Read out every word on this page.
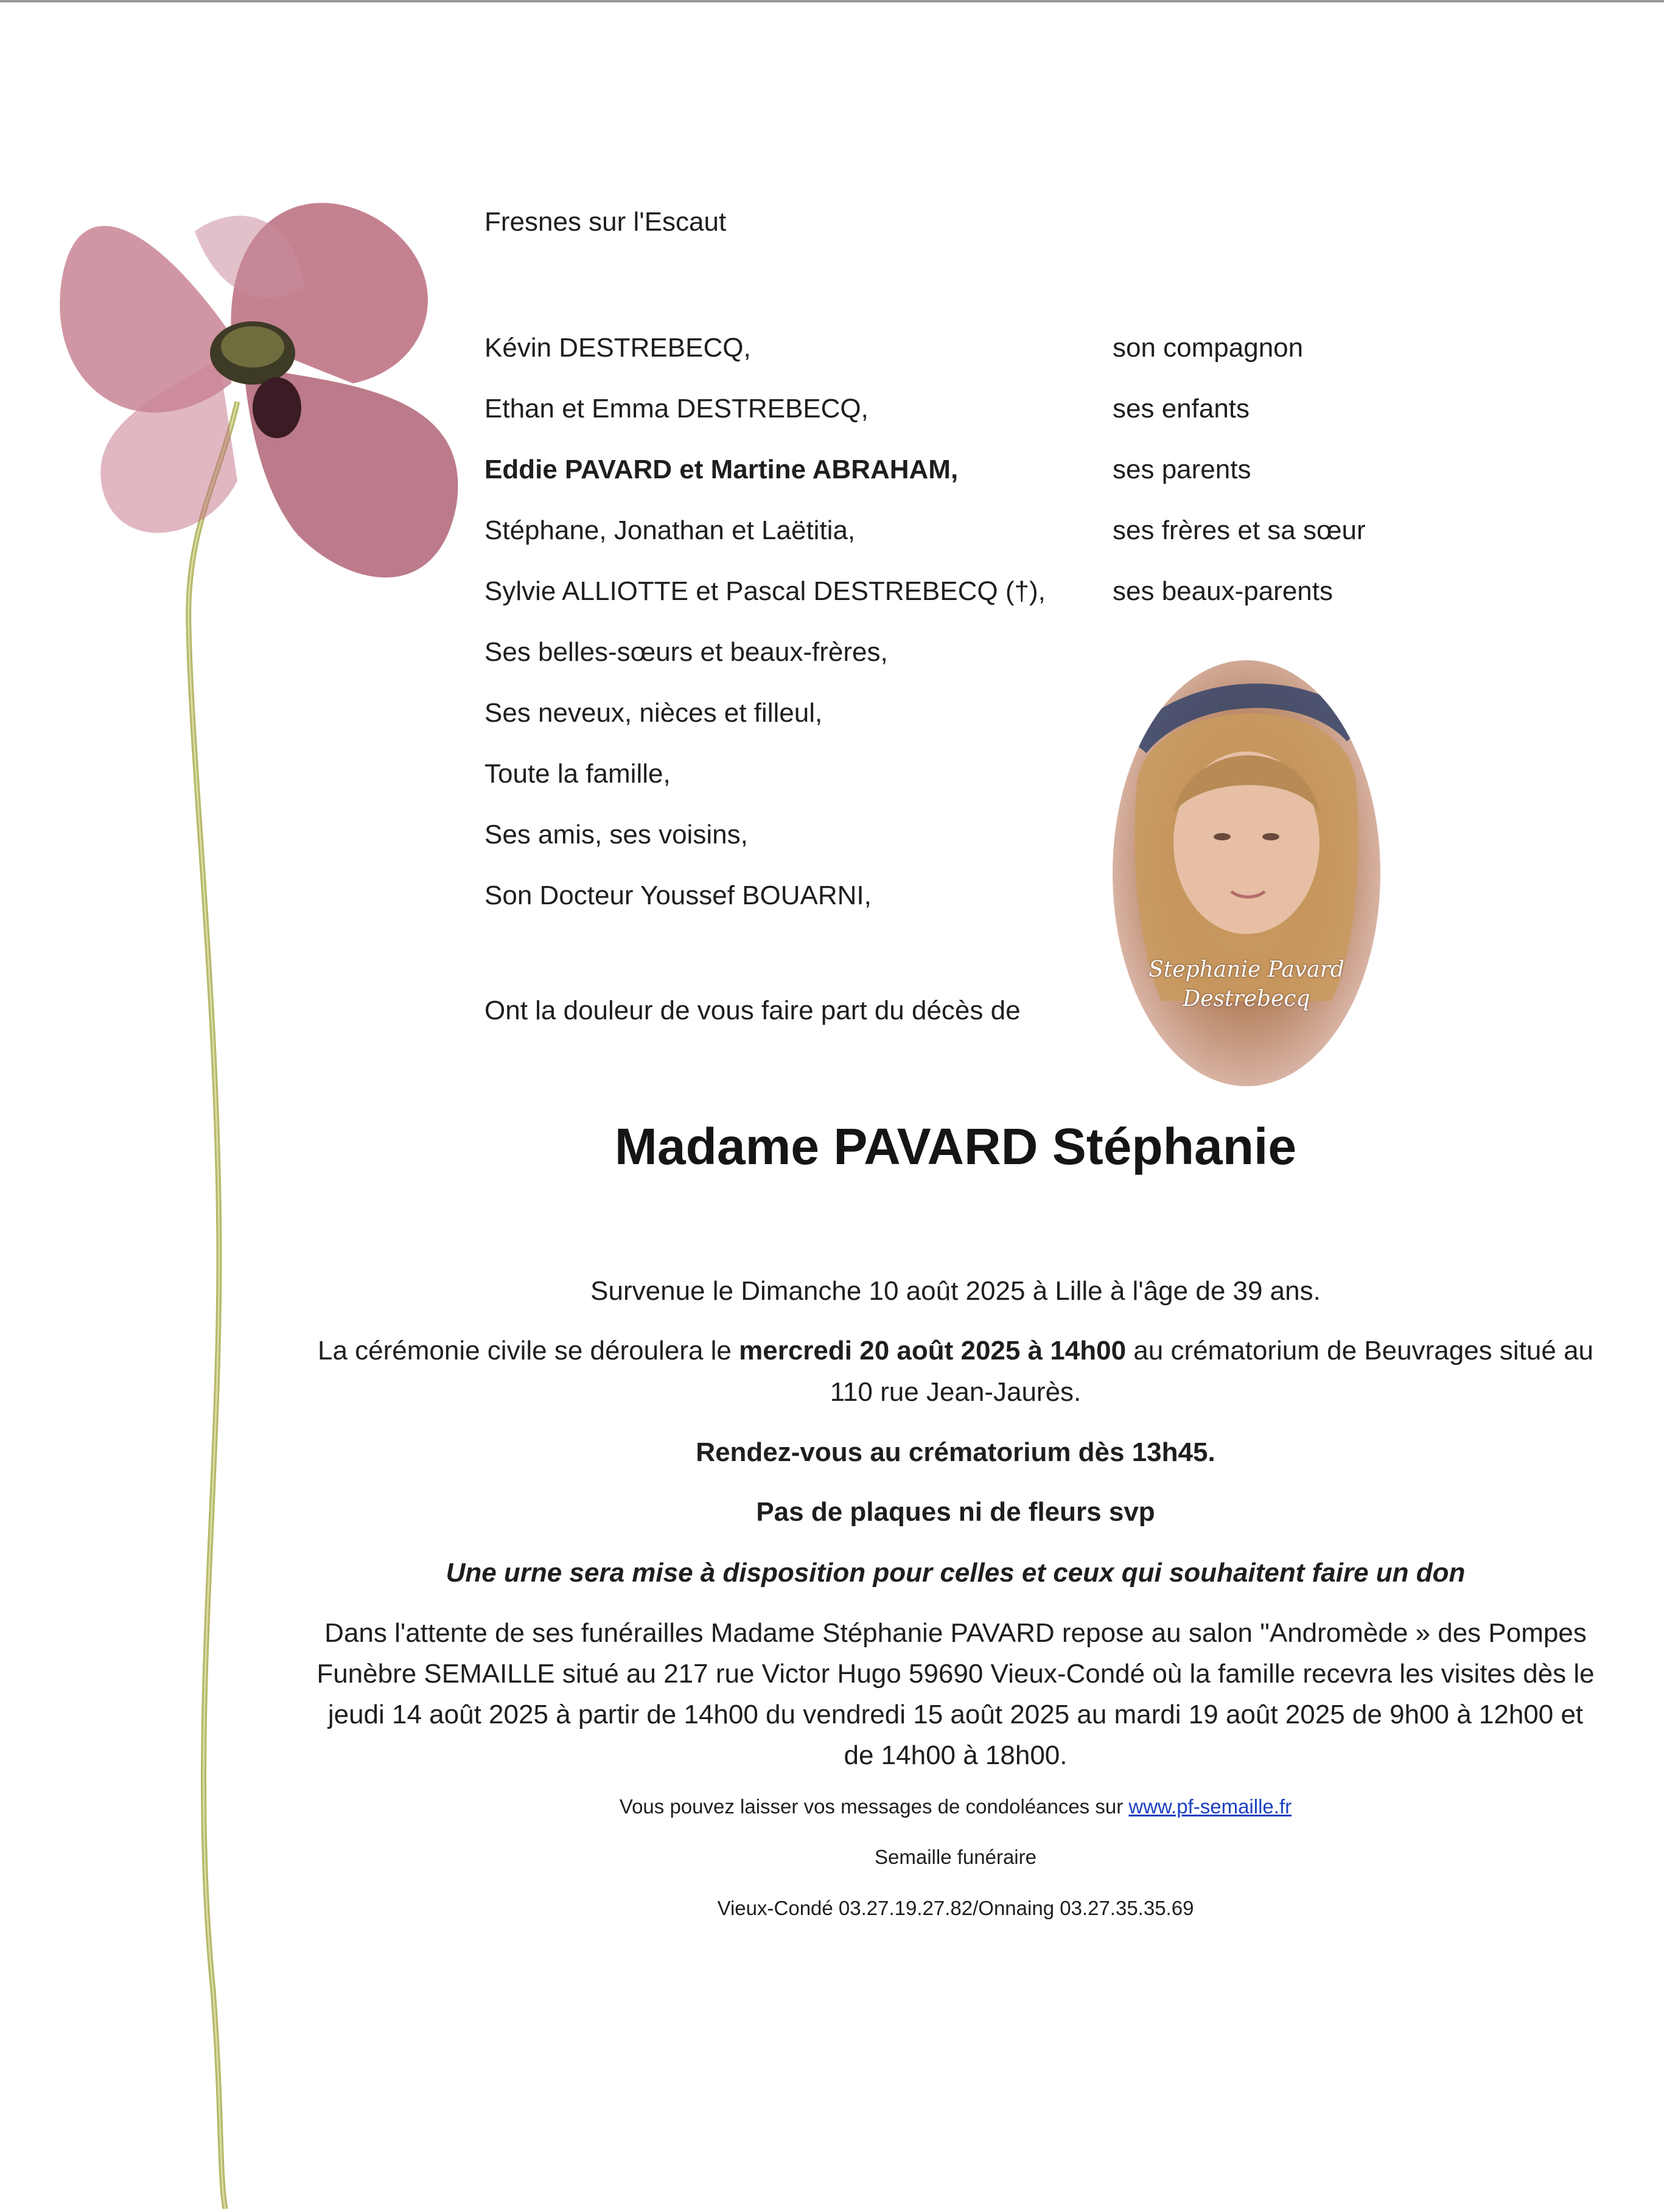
Fresnes sur l'Escaut
Kévin DESTREBECQ,
Ethan et Emma DESTREBECQ,
Eddie PAVARD et Martine ABRAHAM,
Stéphane, Jonathan et Laëtitia,
Sylvie ALLIOTTE et Pascal DESTREBECQ (†),
Ses belles-sœurs et beaux-frères,
Ses neveux, nièces et filleul,
Toute la famille,
Ses amis, ses voisins,
Son Docteur Youssef BOUARNI,
son compagnon
ses enfants
ses parents
ses frères et sa sœur
ses beaux-parents
Stephanie Pavard
Destrebecq
Ont la douleur de vous faire part du décès de
Madame PAVARD Stéphanie
Survenue le Dimanche 10 août 2025 à Lille à l'âge de 39 ans.
La cérémonie civile se déroulera le mercredi 20 août 2025 à 14h00 au crématorium de Beuvrages situé au 110 rue Jean-Jaurès.
Rendez-vous au crématorium dès 13h45.
Pas de plaques ni de fleurs svp
Une urne sera mise à disposition pour celles et ceux qui souhaitent faire un don
Dans l'attente de ses funérailles Madame Stéphanie PAVARD repose au salon "Andromède » des Pompes Funèbre SEMAILLE situé au 217 rue Victor Hugo 59690 Vieux-Condé où la famille recevra les visites dès le jeudi 14 août 2025 à partir de 14h00 du vendredi 15 août 2025 au mardi 19 août 2025 de 9h00 à 12h00 et de 14h00 à 18h00.
Vous pouvez laisser vos messages de condoléances sur www.pf-semaille.fr
Semaille funéraire
Vieux-Condé 03.27.19.27.82/Onnaing 03.27.35.35.69
